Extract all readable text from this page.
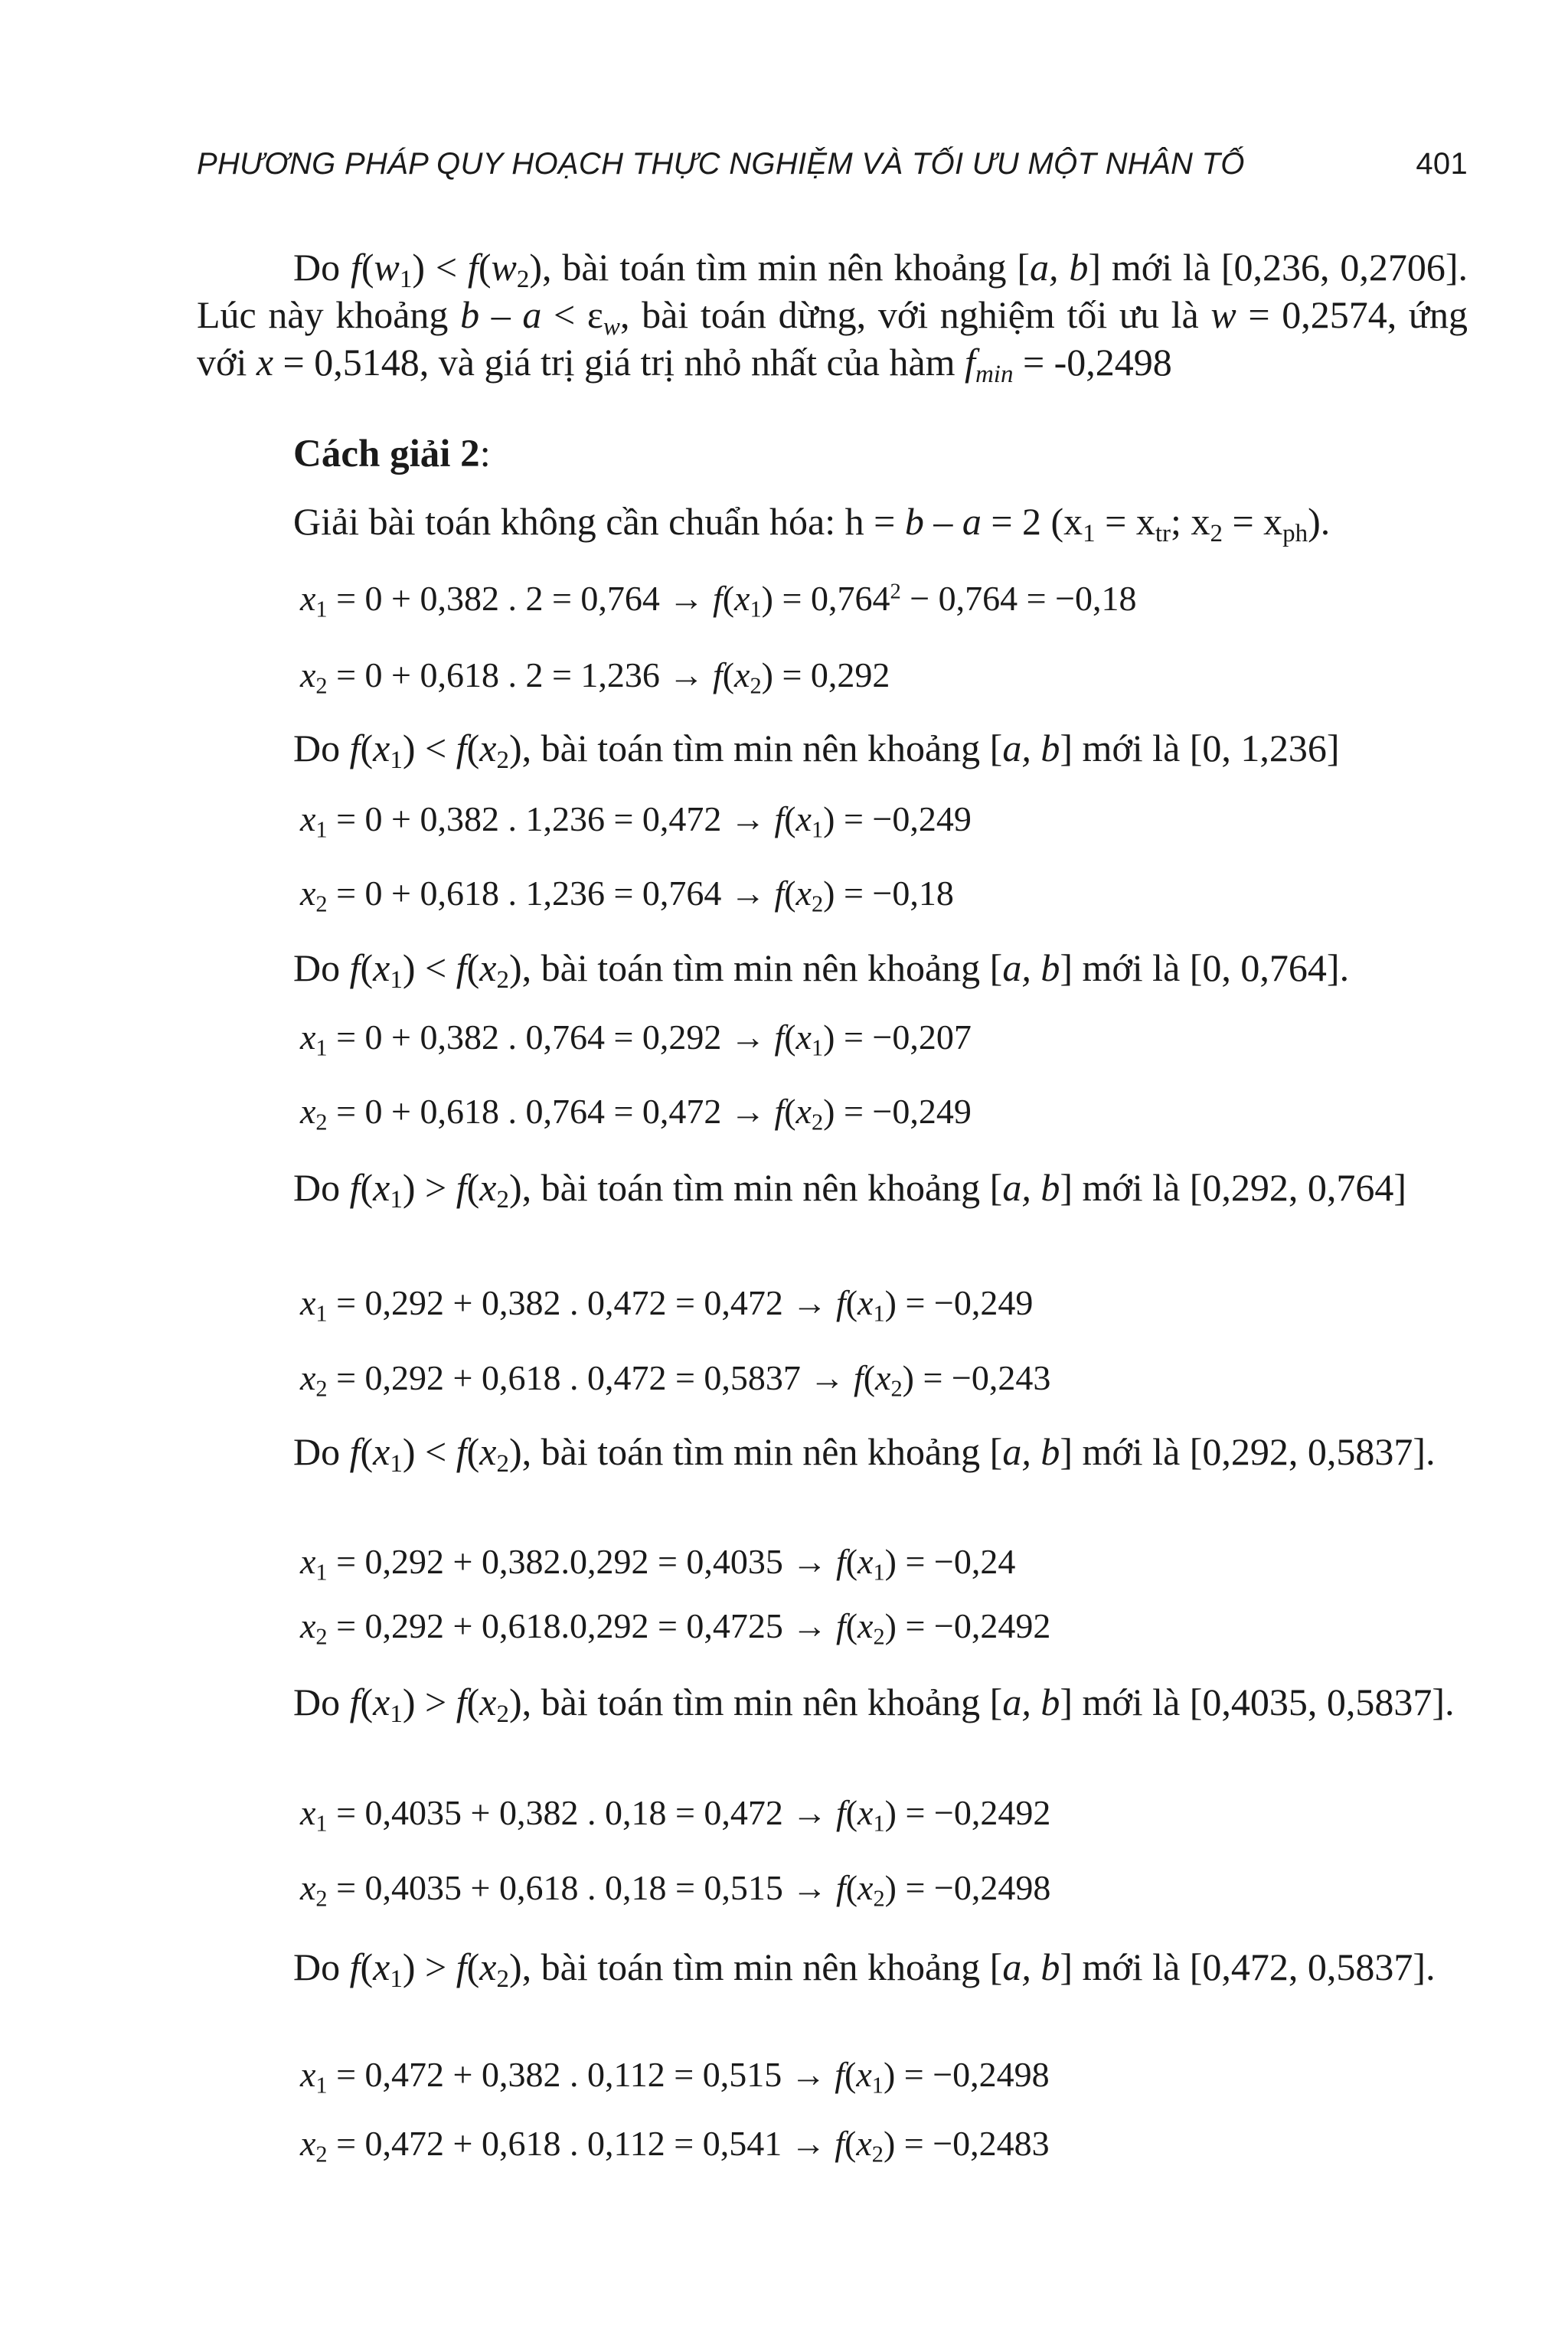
PHƯƠNG PHÁP QUY HOẠCH THỰC NGHIỆM VÀ TỐI ƯU MỘT NHÂN TỐ	401
Do $f(w_1) < f(w_2)$, bài toán tìm min nên khoảng [a, b] mới là [0,236, 0,2706]. Lúc này khoảng $b - a < \varepsilon_w$, bài toán dừng, với nghiệm tối ưu là w = 0,2574, ứng với x = 0,5148, và giá trị giá trị nhỏ nhất của hàm $f_{min} = -0,2498$
Cách giải 2:
Giải bài toán không cần chuẩn hóa: h = b – a = 2 ($x_1 = x_{tr}$; $x_2 = x_{ph}$).
$x_1 = 0 + 0,382$ . $2 = 0,764 \to f(x_1) = 0,764^2 - 0,764 = -0,18$
$x_2 = 0 + 0,618$ . $2 = 1,236 \to f(x_2) = 0,292$
Do $f(x_1) < f(x_2)$, bài toán tìm min nên khoảng [a, b] mới là [0, 1,236]
$x_1 = 0 + 0,382$ . $1,236 = 0,472 \to f(x_1) = -0,249$
$x_2 = 0 + 0,618$ . $1,236 = 0,764 \to f(x_2) = -0,18$
Do $f(x_1) < f(x_2)$, bài toán tìm min nên khoảng [a, b] mới là [0, 0,764].
$x_1 = 0 + 0,382$ . $0,764 = 0,292 \to f(x_1) = -0,207$
$x_2 = 0 + 0,618$ . $0,764 = 0,472 \to f(x_2) = -0,249$
Do $f(x_1) > f(x_2)$, bài toán tìm min nên khoảng [a, b] mới là [0,292, 0,764]
$x_1 = 0,292 + 0,382$ . $0,472 = 0,472 \to f(x_1) = -0,249$
$x_2 = 0,292 + 0,618$ . $0,472 = 0,5837 \to f(x_2) = -0,243$
Do $f(x_1) < f(x_2)$, bài toán tìm min nên khoảng [a, b] mới là [0,292, 0,5837].
$x_1 = 0,292 + 0,382.0,292 = 0,4035 \to f(x_1) = -0,24$
$x_2 = 0,292 + 0,618.0,292 = 0,4725 \to f(x_2) = -0,2492$
Do $f(x_1) > f(x_2)$, bài toán tìm min nên khoảng [a, b] mới là [0,4035, 0,5837].
$x_1 = 0,4035 + 0,382$ . $0,18 = 0,472 \to f(x_1) = -0,2492$
$x_2 = 0,4035 + 0,618$ . $0,18 = 0,515 \to f(x_2) = -0,2498$
Do $f(x_1) > f(x_2)$, bài toán tìm min nên khoảng [a, b] mới là [0,472, 0,5837].
$x_1 = 0,472 + 0,382$ . $0,112 = 0,515 \to f(x_1) = -0,2498$
$x_2 = 0,472 + 0,618$ . $0,112 = 0,541 \to f(x_2) = -0,2483$
